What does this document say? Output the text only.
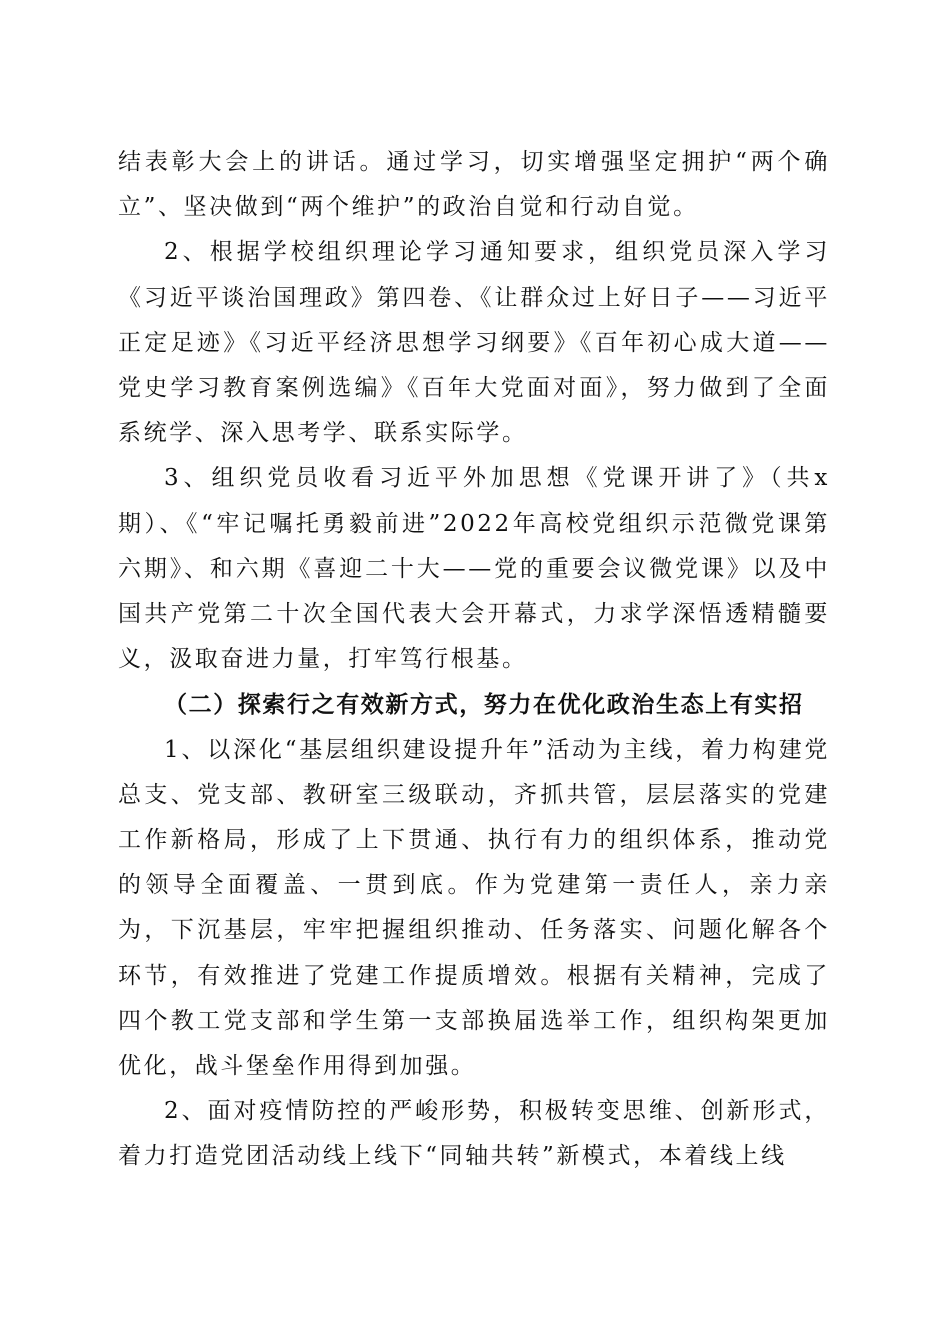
结表彰大会上的讲话。通过学习，切实增强坚定拥护“两个确立”、坚决做到“两个维护”的政治自觉和行动自觉。

2、根据学校组织理论学习通知要求，组织党员深入学习《习近平谈治国理政》第四卷、《让群众过上好日子——习近平正定足迹》《习近平经济思想学习纲要》《百年初心成大道——党史学习教育案例选编》《百年大党面对面》，努力做到了全面系统学、深入思考学、联系实际学。

3、组织党员收看习近平外加思想《党课开讲了》（共x期）、《“牢记嘱托勇毅前进”2022年高校党组织示范微党课第六期》、和六期《喜迎二十大——党的重要会议微党课》以及中国共产党第二十次全国代表大会开幕式，力求学深悟透精髓要义，汲取奋进力量，打牢笃行根基。

（二）探索行之有效新方式，努力在优化政治生态上有实招

1、以深化“基层组织建设提升年”活动为主线，着力构建党总支、党支部、教研室三级联动，齐抓共管，层层落实的党建工作新格局，形成了上下贯通、执行有力的组织体系，推动党的领导全面覆盖、一贯到底。作为党建第一责任人，亲力亲为，下沉基层，牢牢把握组织推动、任务落实、问题化解各个环节，有效推进了党建工作提质增效。根据有关精神，完成了四个教工党支部和学生第一支部换届选举工作，组织构架更加优化，战斗堡垒作用得到加强。

2、面对疫情防控的严峻形势，积极转变思维、创新形式，着力打造党团活动线上线下“同轴共转”新模式，本着线上线
